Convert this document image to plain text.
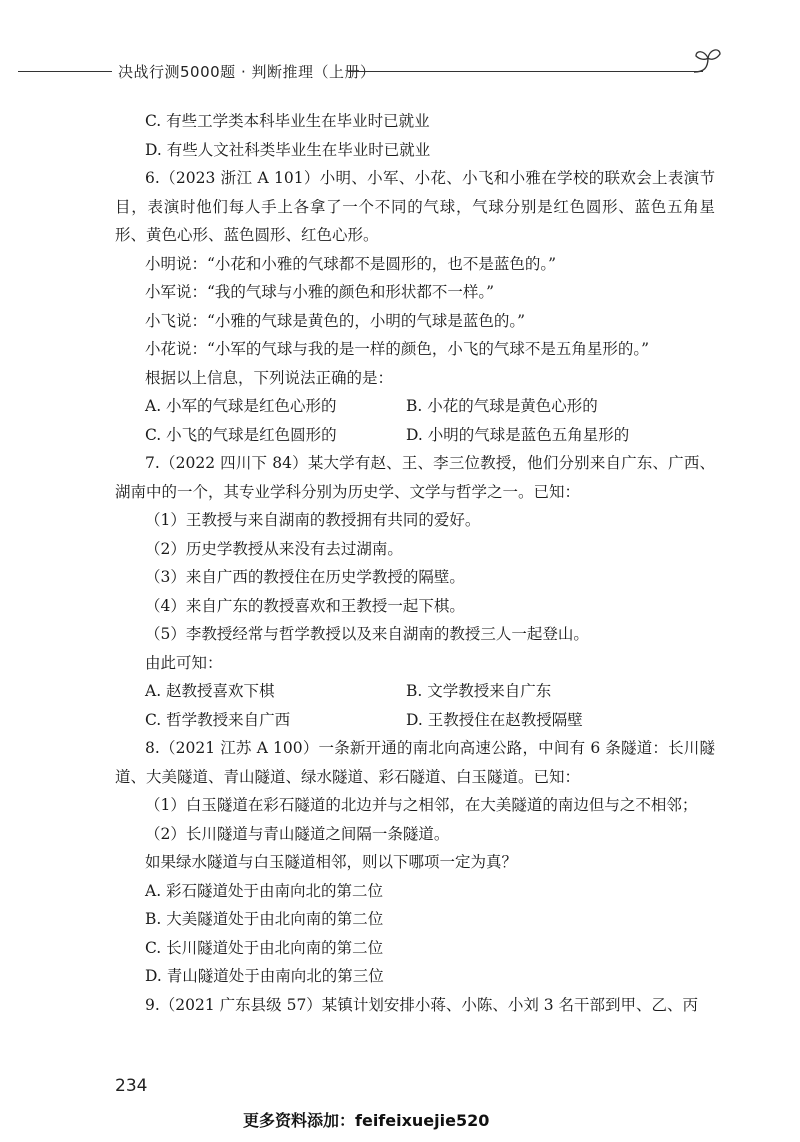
决战行测5000题 · 判断推理（上册）
C. 有些工学类本科毕业生在毕业时已就业
D. 有些人文社科类毕业生在毕业时已就业
6.（2023 浙江 A 101）小明、小军、小花、小飞和小雅在学校的联欢会上表演节目，表演时他们每人手上各拿了一个不同的气球，气球分别是红色圆形、蓝色五角星形、黄色心形、蓝色圆形、红色心形。
小明说：“小花和小雅的气球都不是圆形的，也不是蓝色的。”
小军说：“我的气球与小雅的颜色和形状都不一样。”
小飞说：“小雅的气球是黄色的，小明的气球是蓝色的。”
小花说：“小军的气球与我的是一样的颜色，小飞的气球不是五角星形的。”
根据以上信息，下列说法正确的是：
A. 小军的气球是红色心形的	B. 小花的气球是黄色心形的
C. 小飞的气球是红色圆形的	D. 小明的气球是蓝色五角星形的
7.（2022 四川下 84）某大学有赵、王、李三位教授，他们分别来自广东、广西、湖南中的一个，其专业学科分别为历史学、文学与哲学之一。已知：
（1）王教授与来自湖南的教授拥有共同的爱好。
（2）历史学教授从来没有去过湖南。
（3）来自广西的教授住在历史学教授的隔壁。
（4）来自广东的教授喜欢和王教授一起下棋。
（5）李教授经常与哲学教授以及来自湖南的教授三人一起登山。
由此可知：
A. 赵教授喜欢下棋	B. 文学教授来自广东
C. 哲学教授来自广西	D. 王教授住在赵教授隔壁
8.（2021 江苏 A 100）一条新开通的南北向高速公路，中间有 6 条隧道：长川隧道、大美隧道、青山隧道、绿水隧道、彩石隧道、白玉隧道。已知：
（1）白玉隧道在彩石隧道的北边并与之相邻，在大美隧道的南边但与之不相邻；
（2）长川隧道与青山隧道之间隔一条隧道。
如果绿水隧道与白玉隧道相邻，则以下哪项一定为真？
A. 彩石隧道处于由南向北的第二位
B. 大美隧道处于由北向南的第二位
C. 长川隧道处于由北向南的第二位
D. 青山隧道处于由南向北的第三位
9.（2021 广东县级 57）某镇计划安排小蒋、小陈、小刘 3 名干部到甲、乙、丙
234
更多资料添加：feifeixuejie520
